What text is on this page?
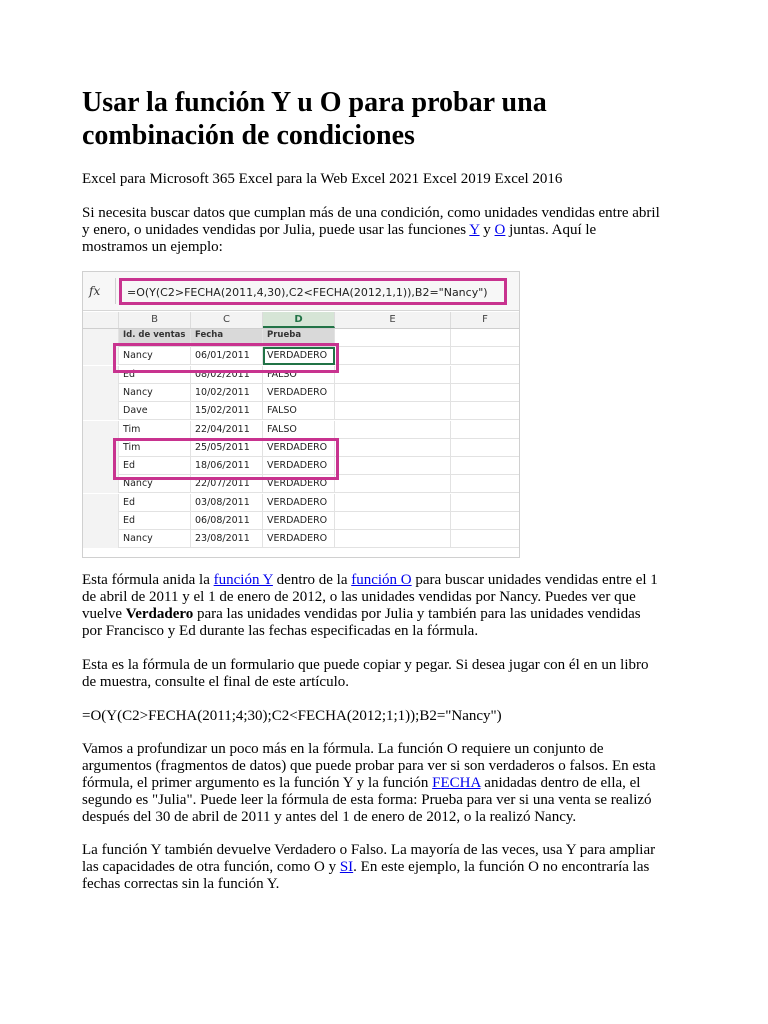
Usar la función Y u O para probar una combinación de condiciones

Excel para Microsoft 365 Excel para la Web Excel 2021 Excel 2019 Excel 2016

Si necesita buscar datos que cumplan más de una condición, como unidades vendidas entre abril y enero, o unidades vendidas por Julia, puede usar las funciones Y y O juntas. Aquí le mostramos un ejemplo:

Esta fórmula anida la función Y dentro de la función O para buscar unidades vendidas entre el 1 de abril de 2011 y el 1 de enero de 2012, o las unidades vendidas por Nancy. Puedes ver que vuelve Verdadero para las unidades vendidas por Julia y también para las unidades vendidas por Francisco y Ed durante las fechas especificadas en la fórmula.

Esta es la fórmula de un formulario que puede copiar y pegar. Si desea jugar con él en un libro de muestra, consulte el final de este artículo.

=O(Y(C2>FECHA(2011;4;30);C2<FECHA(2012;1;1));B2="Nancy")

Vamos a profundizar un poco más en la fórmula. La función O requiere un conjunto de argumentos (fragmentos de datos) que puede probar para ver si son verdaderos o falsos. En esta fórmula, el primer argumento es la función Y y la función FECHA anidadas dentro de ella, el segundo es "Julia". Puede leer la fórmula de esta forma: Prueba para ver si una venta se realizó después del 30 de abril de 2011 y antes del 1 de enero de 2012, o la realizó Nancy.

La función Y también devuelve Verdadero o Falso. La mayoría de las veces, usa Y para ampliar las capacidades de otra función, como O y SI. En este ejemplo, la función O no encontraría las fechas correctas sin la función Y.

fx =O(Y(C2>FECHA(2011,4,30),C2<FECHA(2012,1,1)),B2="Nancy")
B	C	D	E	F
Id. de ventas	Fecha	Prueba
Nancy	06/01/2011	VERDADERO
Ed	08/02/2011	FALSO
Nancy	10/02/2011	VERDADERO
Dave	15/02/2011	FALSO
Tim	22/04/2011	FALSO
Tim	25/05/2011	VERDADERO
Ed	18/06/2011	VERDADERO
Nancy	22/07/2011	VERDADERO
Ed	03/08/2011	VERDADERO
Ed	06/08/2011	VERDADERO
Nancy	23/08/2011	VERDADERO
